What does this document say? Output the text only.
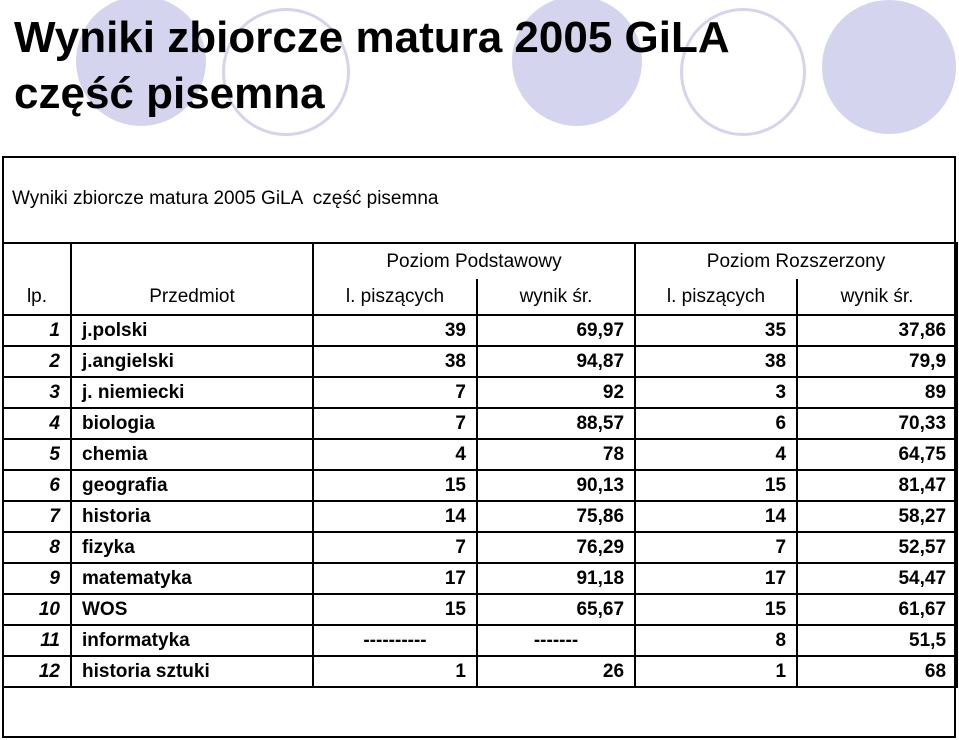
Wyniki zbiorcze matura 2005 GiLA
część pisemna
Wyniki zbiorcze matura 2005 GiLA  część pisemna
		Poziom Podstawowy		Poziom Rozszerzony	
lp.	Przedmiot	l. piszących	wynik śr.	l. piszących	wynik śr.
1	j.polski	39	69,97	35	37,86
2	j.angielski	38	94,87	38	79,9
3	j. niemiecki	7	92	3	89
4	biologia	7	88,57	6	70,33
5	chemia	4	78	4	64,75
6	geografia	15	90,13	15	81,47
7	historia	14	75,86	14	58,27
8	fizyka	7	76,29	7	52,57
9	matematyka	17	91,18	17	54,47
10	WOS	15	65,67	15	61,67
11	informatyka	----------	-------	8	51,5
12	historia sztuki	1	26	1	68
